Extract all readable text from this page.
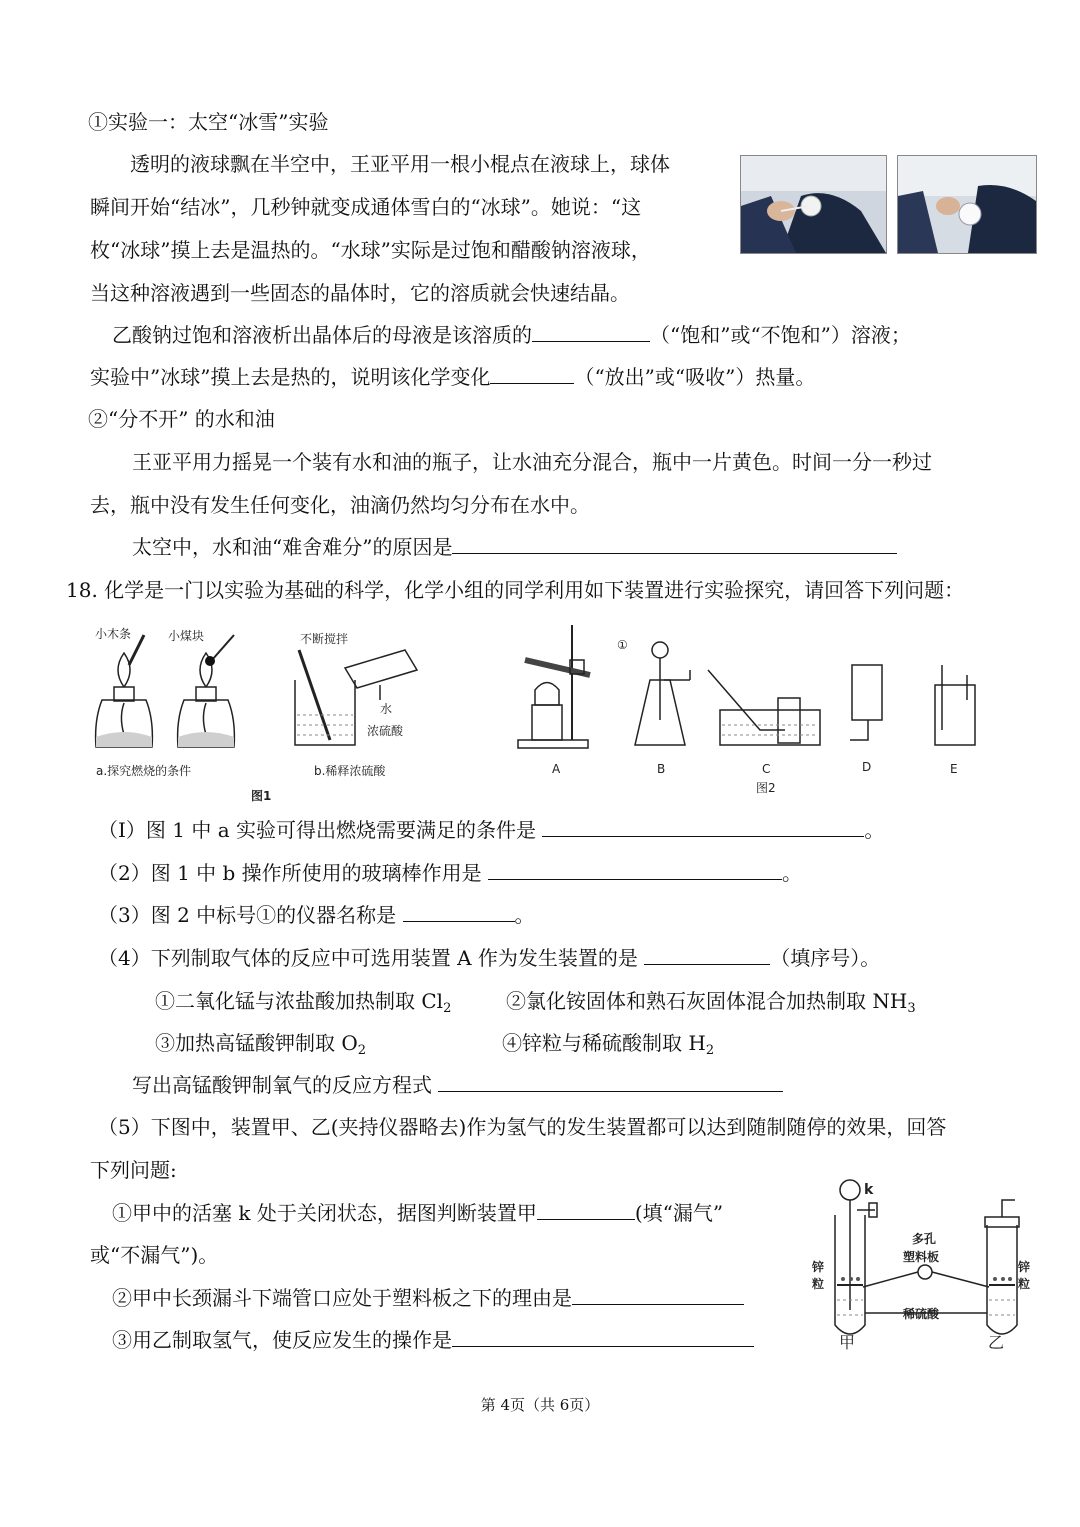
①实验一：太空“冰雪”实验
透明的液球飘在半空中，王亚平用一根小棍点在液球上，球体
瞬间开始“结冰”，几秒钟就变成通体雪白的“冰球”。她说：“这
枚“冰球”摸上去是温热的。“水球”实际是过饱和醋酸钠溶液球，
当这种溶液遇到一些固态的晶体时，它的溶质就会快速结晶。
乙酸钠过饱和溶液析出晶体后的母液是该溶质的	（“饱和”或“不饱和”）溶液；
实验中”冰球”摸上去是热的，说明该化学变化	（“放出”或“吸收”）热量。
②“分不开” 的水和油
王亚平用力摇晃一个装有水和油的瓶子，让水油充分混合，瓶中一片黄色。时间一分一秒过
去，瓶中没有发生任何变化，油滴仍然均匀分布在水中。
太空中，水和油“难舍难分”的原因是
18. 化学是一门以实验为基础的科学，化学小组的同学利用如下装置进行实验探究，请回答下列问题：
小木条	小煤块
a.探究燃烧的条件
不断搅拌
水
浓硫酸
b.稀释浓硫酸
图1
①
A	B	C	D	E
图2
（I）图 1 中 a 实验可得出燃烧需要满足的条件是	。
（2）图 1 中 b 操作所使用的玻璃棒作用是	。
（3）图 2 中标号①的仪器名称是	。
（4）下列制取气体的反应中可选用装置 A 作为发生装置的是	（填序号）。
①二氧化锰与浓盐酸加热制取 $Cl_2$	②氯化铵固体和熟石灰固体混合加热制取 $NH_3$
③加热高锰酸钾制取 $O_2$	④锌粒与稀硫酸制取 $H_2$
写出高锰酸钾制氧气的反应方程式
（5）下图中，装置甲、乙(夹持仪器略去)作为氢气的发生装置都可以达到随制随停的效果，回答
下列问题:
①甲中的活塞 k 处于关闭状态，据图判断装置甲	(填“漏气”
或“不漏气”)。
②甲中长颈漏斗下端管口应处于塑料板之下的理由是
③用乙制取氢气，使反应发生的操作是
k
多孔
塑料板
锌
粒
锌
粒
稀硫酸
甲	乙
第 4页（共 6页）
